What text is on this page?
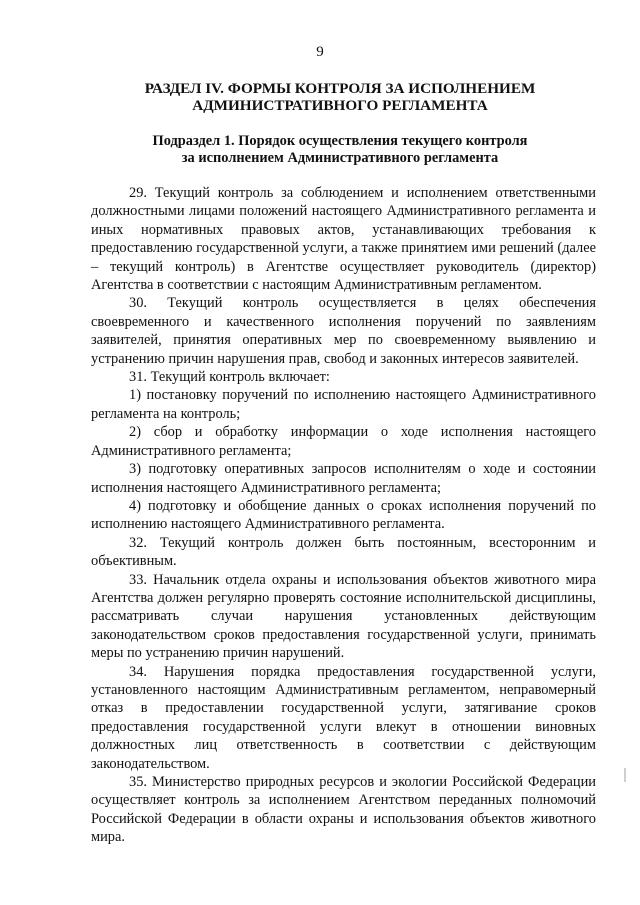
9
РАЗДЕЛ IV. ФОРМЫ КОНТРОЛЯ ЗА ИСПОЛНЕНИЕМ
АДМИНИСТРАТИВНОГО РЕГЛАМЕНТА
Подраздел 1. Порядок осуществления текущего контроля
за исполнением Административного регламента

29. Текущий контроль за соблюдением и исполнением ответственными должностными лицами положений настоящего Административного регламента и иных нормативных правовых актов, устанавливающих требования к предоставлению государственной услуги, а также принятием ими решений (далее – текущий контроль) в Агентстве осуществляет руководитель (директор) Агентства в соответствии с настоящим Административным регламентом.

30. Текущий контроль осуществляется в целях обеспечения своевременного и качественного исполнения поручений по заявлениям заявителей, принятия оперативных мер по своевременному выявлению и устранению причин нарушения прав, свобод и законных интересов заявителей.

31. Текущий контроль включает:

1) постановку поручений по исполнению настоящего Административного регламента на контроль;

2) сбор и обработку информации о ходе исполнения настоящего Административного регламента;

3) подготовку оперативных запросов исполнителям о ходе и состоянии исполнения настоящего Административного регламента;

4) подготовку и обобщение данных о сроках исполнения поручений по исполнению настоящего Административного регламента.

32. Текущий контроль должен быть постоянным, всесторонним и объективным.

33. Начальник отдела охраны и использования объектов животного мира Агентства должен регулярно проверять состояние исполнительской дисциплины, рассматривать случаи нарушения установленных действующим законодательством сроков предоставления государственной услуги, принимать меры по устранению причин нарушений.

34. Нарушения порядка предоставления государственной услуги, установленного настоящим Административным регламентом, неправомерный отказ в предоставлении государственной услуги, затягивание сроков предоставления государственной услуги влекут в отношении виновных должностных лиц ответственность в соответствии с действующим законодательством.

35. Министерство природных ресурсов и экологии Российской Федерации осуществляет контроль за исполнением Агентством переданных полномочий Российской Федерации в области охраны и использования объектов животного мира.
